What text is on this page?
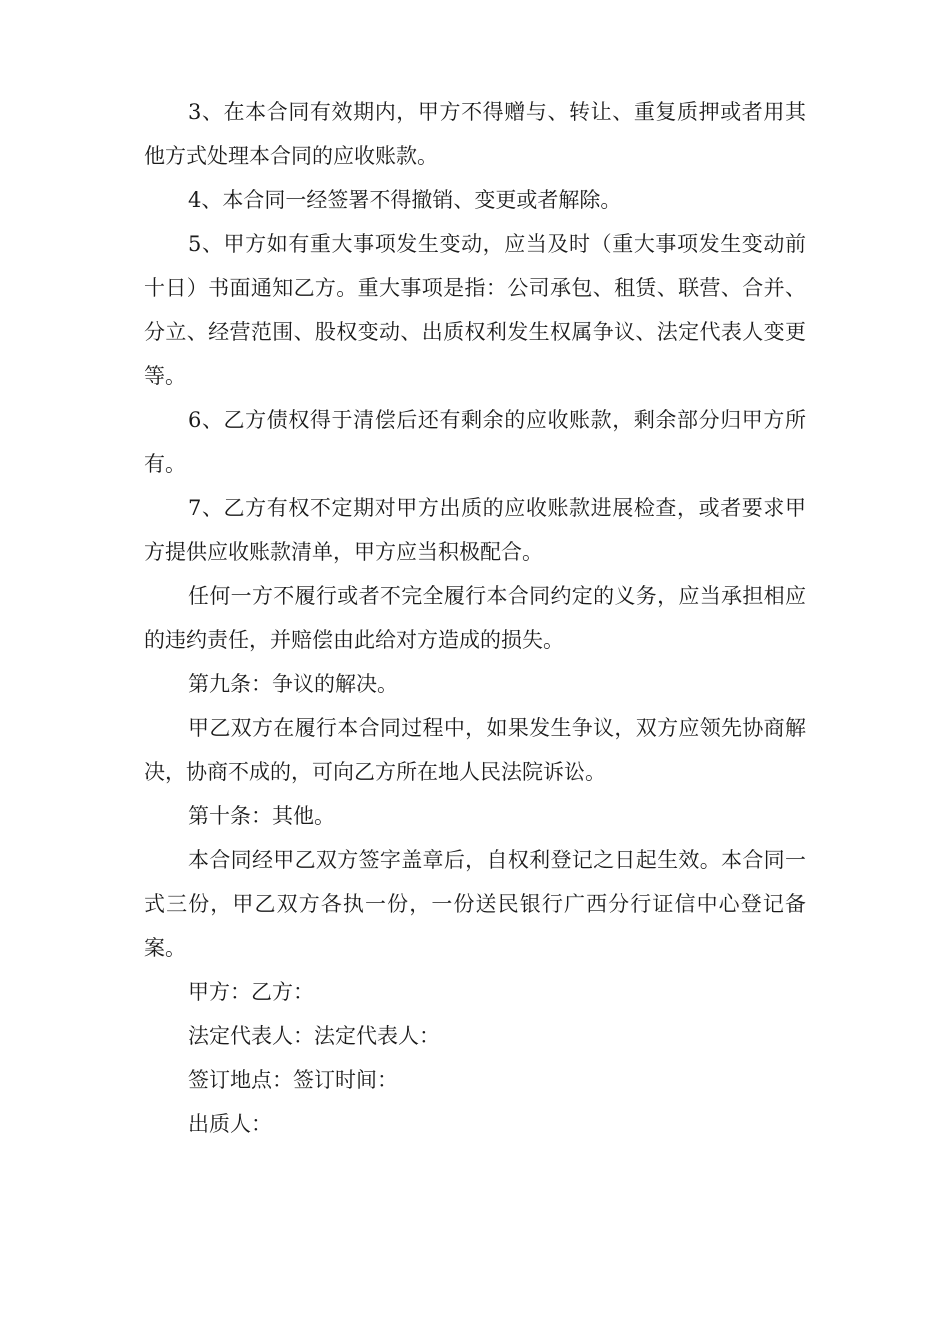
3、在本合同有效期内，甲方不得赠与、转让、重复质押或者用其他方式处理本合同的应收账款。

4、本合同一经签署不得撤销、变更或者解除。

5、甲方如有重大事项发生变动，应当及时（重大事项发生变动前十日）书面通知乙方。重大事项是指：公司承包、租赁、联营、合并、分立、经营范围、股权变动、出质权利发生权属争议、法定代表人变更等。

6、乙方债权得于清偿后还有剩余的应收账款，剩余部分归甲方所有。

7、乙方有权不定期对甲方出质的应收账款进展检查，或者要求甲方提供应收账款清单，甲方应当积极配合。

任何一方不履行或者不完全履行本合同约定的义务，应当承担相应的违约责任，并赔偿由此给对方造成的损失。

第九条：争议的解决。

甲乙双方在履行本合同过程中，如果发生争议，双方应领先协商解决，协商不成的，可向乙方所在地人民法院诉讼。

第十条：其他。

本合同经甲乙双方签字盖章后，自权利登记之日起生效。本合同一式三份，甲乙双方各执一份，一份送民银行广西分行证信中心登记备案。

甲方：乙方：

法定代表人：法定代表人：

签订地点：签订时间：

出质人：
